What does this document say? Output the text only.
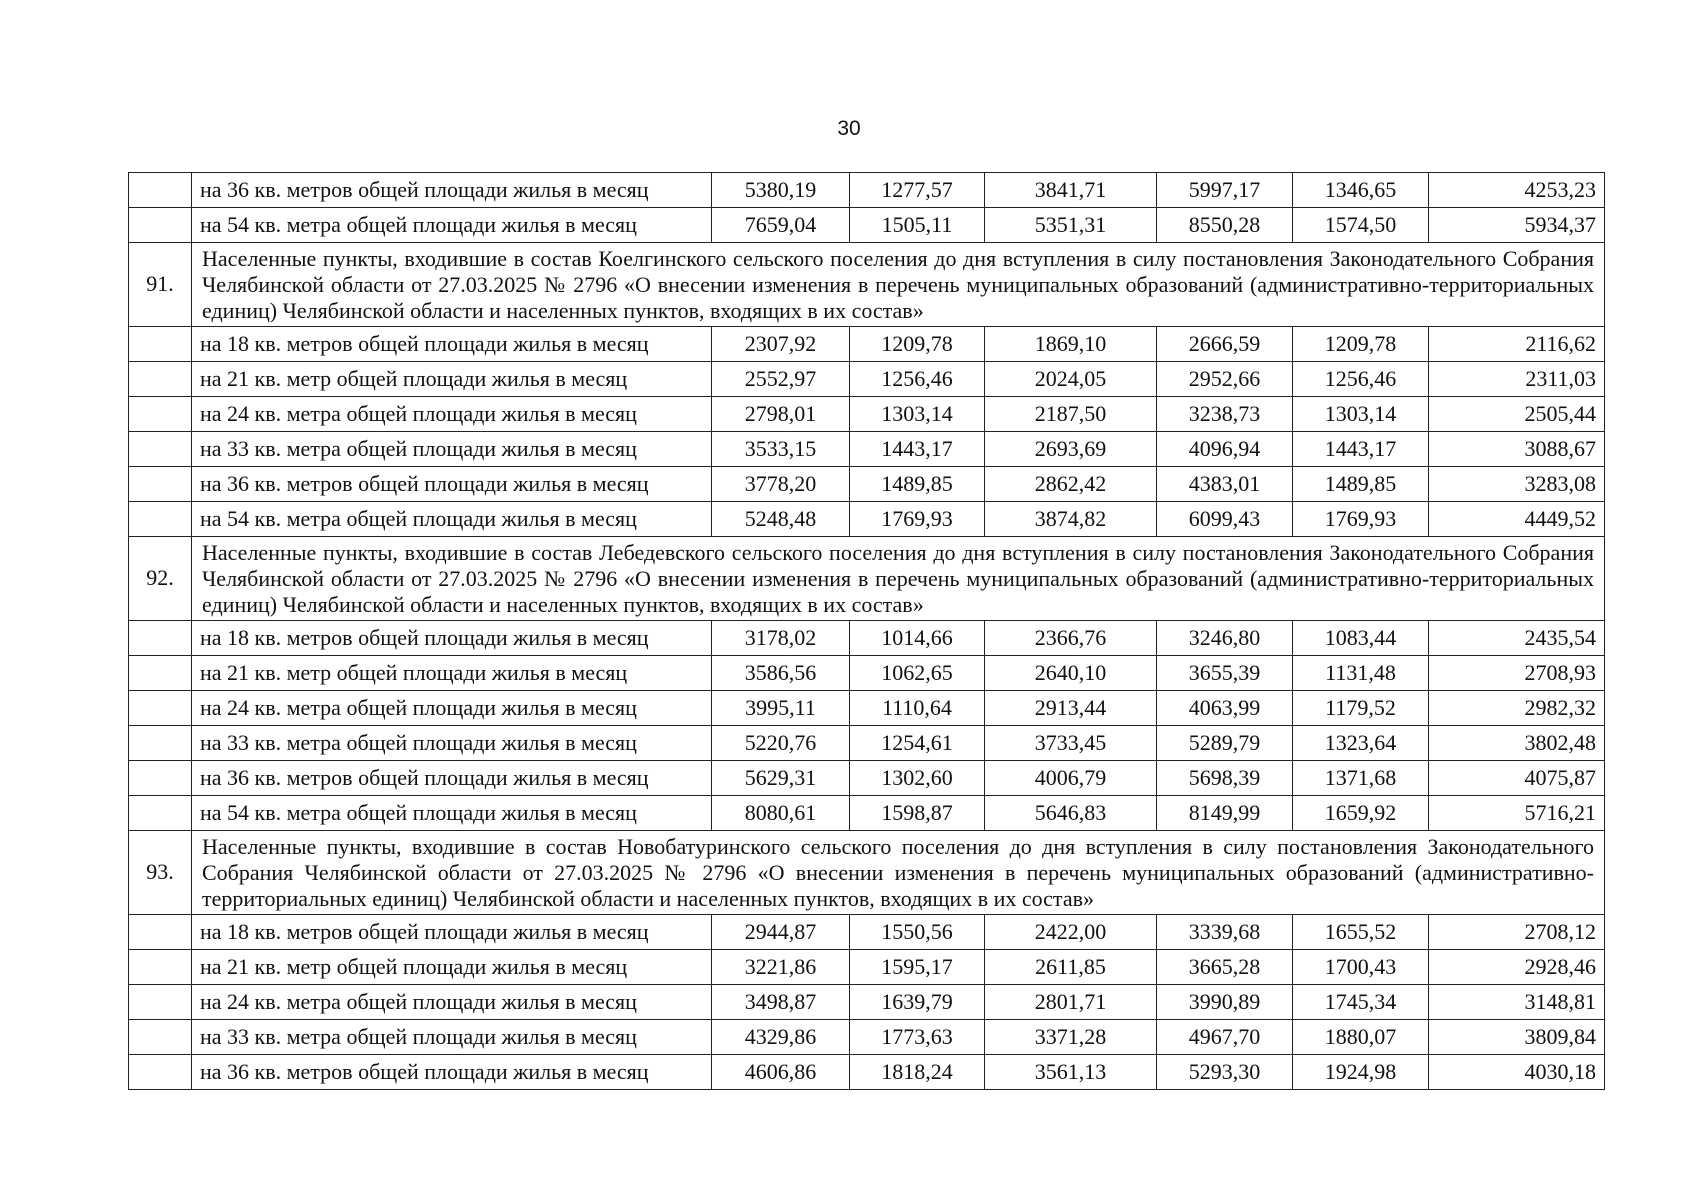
30
	на 36 кв. метров общей площади жилья в месяц	5380,19	1277,57	3841,71	5997,17	1346,65	4253,23
	на 54 кв. метра общей площади жилья в месяц	7659,04	1505,11	5351,31	8550,28	1574,50	5934,37
91.	Населенные пункты, входившие в состав Коелгинского сельского поселения до дня вступления в силу постановления Законодательного Собрания Челябинской области от 27.03.2025 № 2796 «О внесении изменения в перечень муниципальных образований (административно-территориальных единиц) Челябинской области и населенных пунктов, входящих в их состав»						
	на 18 кв. метров общей площади жилья в месяц	2307,92	1209,78	1869,10	2666,59	1209,78	2116,62
	на 21 кв. метр общей площади жилья в месяц	2552,97	1256,46	2024,05	2952,66	1256,46	2311,03
	на 24 кв. метра общей площади жилья в месяц	2798,01	1303,14	2187,50	3238,73	1303,14	2505,44
	на 33 кв. метра общей площади жилья в месяц	3533,15	1443,17	2693,69	4096,94	1443,17	3088,67
	на 36 кв. метров общей площади жилья в месяц	3778,20	1489,85	2862,42	4383,01	1489,85	3283,08
	на 54 кв. метра общей площади жилья в месяц	5248,48	1769,93	3874,82	6099,43	1769,93	4449,52
92.	Населенные пункты, входившие в состав Лебедевского сельского поселения до дня вступления в силу постановления Законодательного Собрания Челябинской области от 27.03.2025 № 2796 «О внесении изменения в перечень муниципальных образований (административно-территориальных единиц) Челябинской области и населенных пунктов, входящих в их состав»						
	на 18 кв. метров общей площади жилья в месяц	3178,02	1014,66	2366,76	3246,80	1083,44	2435,54
	на 21 кв. метр общей площади жилья в месяц	3586,56	1062,65	2640,10	3655,39	1131,48	2708,93
	на 24 кв. метра общей площади жилья в месяц	3995,11	1110,64	2913,44	4063,99	1179,52	2982,32
	на 33 кв. метра общей площади жилья в месяц	5220,76	1254,61	3733,45	5289,79	1323,64	3802,48
	на 36 кв. метров общей площади жилья в месяц	5629,31	1302,60	4006,79	5698,39	1371,68	4075,87
	на 54 кв. метра общей площади жилья в месяц	8080,61	1598,87	5646,83	8149,99	1659,92	5716,21
93.	Населенные пункты, входившие в состав Новобатуринского сельского поселения до дня вступления в силу постановления Законодательного Собрания Челябинской области от 27.03.2025 № 2796 «О внесении изменения в перечень муниципальных образований (административно-территориальных единиц) Челябинской области и населенных пунктов, входящих в их состав»						
	на 18 кв. метров общей площади жилья в месяц	2944,87	1550,56	2422,00	3339,68	1655,52	2708,12
	на 21 кв. метр общей площади жилья в месяц	3221,86	1595,17	2611,85	3665,28	1700,43	2928,46
	на 24 кв. метра общей площади жилья в месяц	3498,87	1639,79	2801,71	3990,89	1745,34	3148,81
	на 33 кв. метра общей площади жилья в месяц	4329,86	1773,63	3371,28	4967,70	1880,07	3809,84
	на 36 кв. метров общей площади жилья в месяц	4606,86	1818,24	3561,13	5293,30	1924,98	4030,18
